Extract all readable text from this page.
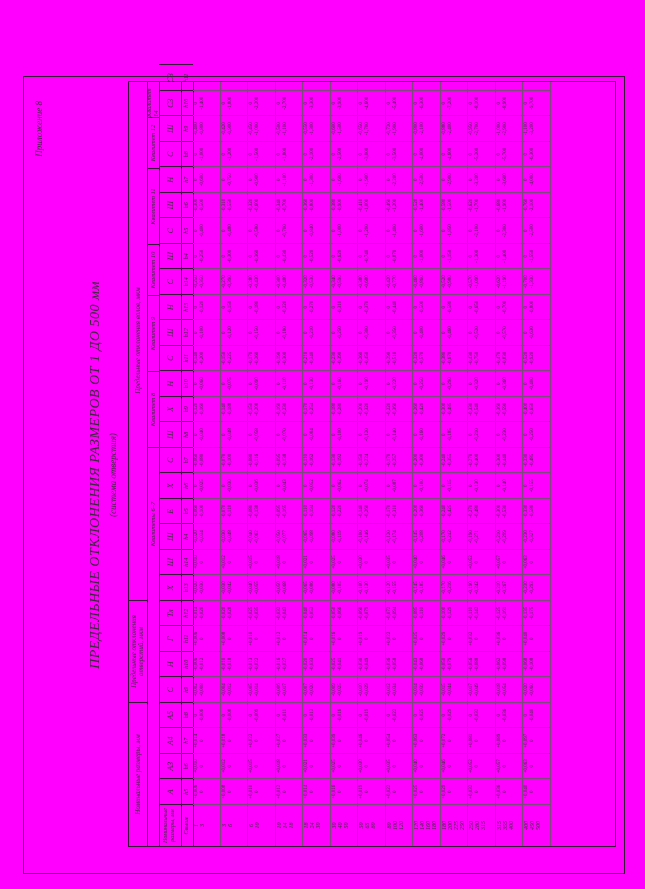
Приложение 8
ПРЕДЕЛЬНЫЕ ОТКЛОНЕНИЯ РАЗМЕРОВ ОТ 1 ДО 500 мм (система отверстия)
Номинальные размеры, мм
Предельные отклонения отверстий, мкм
Предельные отклонения валов, мкм
Квалитеты 6–7
Квалитет 8
Квалитет 9
Квалитет 10
Квалитет 11
Квалитет 12
Квалитет 14
Номинальные размеры, мм
A
A3
A4
A5
С
Н
Г
Тл
Х
Ш
Ш
Е
Х
С
Ш
Х
Н
С
Ш
Н
С
Ш
С
Ш
Н
С
Ш
СЗ
СЗ
Свыше
h5
h6
h7
h8
h9
h10
h11
h12
h13
h14
h4
h5
h6
h7
h8
h9
h10
h11
h12
h13
h14
h4
h5
h6
h7
h8
h9
h10
h11
1
3
+0,006
0
+0,010
0
+0,014
0
0
-0,006
-0,002
-0,008
-0,006
-0,012
+0,006
0
-0,014
-0,020
-0,020
-0,030
+0,010
0
-0,020
-0,034
-0,060
-0,100
0
-0,025
-0,060
-0,080
0
-0,040
-0,120
-0,160
0
-0,060
-0,140
-0,200
0
-0,100
0
-0,120
-0,250
-0,350
0
-0,250
0
-0,400
-0,300
-0,500
0
-0,600
0
-1,000
-0,400
-0,800
0
-1,400
3
6
+0,008
0
+0,012
0
+0,018
0
0
-0,008
-0,004
-0,012
-0,010
-0,018
+0,008
0
-0,020
-0,028
-0,030
-0,042
+0,012
0
-0,030
-0,048
-0,070
-0,118
0
-0,030
-0,070
-0,100
0
-0,048
-0,140
-0,188
0
-0,075
-0,150
-0,225
0
-0,120
0
-0,150
-0,270
-0,390
0
-0,300
0
-0,480
-0,310
-0,550
0
-0,750
0
-1,200
-0,420
-0,900
0
-1,800
6
10
+0,010
0
+0,015
0
+0,022
0
0
-0,009
-0,005
-0,014
-0,013
-0,022
+0,010
0
-0,025
-0,035
-0,040
-0,055
+0,015
0
-0,040
-0,062
-0,080
-0,138
0
-0,036
-0,080
-0,116
0
-0,058
-0,150
-0,208
0
-0,090
-0,170
-0,260
0
-0,150
0
-0,180
-0,280
-0,430
0
-0,360
0
-0,580
-0,320
-0,600
0
-0,900
0
-1,500
-0,450
-1,000
0
-2,200
10
14
18
+0,012
0
+0,018
0
+0,027
0
0
-0,011
-0,006
-0,017
-0,016
-0,027
+0,012
0
-0,032
-0,043
-0,050
-0,068
+0,018
0
-0,050
-0,077
-0,095
-0,165
0
-0,043
-0,095
-0,138
0
-0,070
-0,160
-0,230
0
-0,110
-0,190
-0,300
0
-0,180
0
-0,220
-0,300
-0,480
0
-0,430
0
-0,700
-0,340
-0,700
0
-1,100
0
-1,800
-0,500
-1,100
0
-2,700
18
24
30
+0,014
0
+0,021
0
+0,033
0
0
-0,013
-0,007
-0,020
-0,020
-0,033
+0,014
0
-0,040
-0,053
-0,065
-0,086
+0,021
0
-0,065
-0,098
-0,110
-0,194
0
-0,052
-0,110
-0,162
0
-0,084
-0,170
-0,254
0
-0,130
-0,210
-0,340
0
-0,210
0
-0,270
-0,320
-0,530
0
-0,520
0
-0,840
-0,360
-0,800
0
-1,300
0
-2,100
-0,550
-1,300
0
-3,300
30
40
50
+0,016
0
+0,025
0
+0,039
0
0
-0,016
-0,009
-0,025
-0,025
-0,041
+0,016
0
-0,050
-0,066
-0,080
-0,105
+0,025
0
-0,080
-0,119
-0,120
-0,220
0
-0,062
-0,130
-0,192
0
-0,100
-0,180
-0,280
0
-0,160
-0,230
-0,390
0
-0,250
0
-0,310
-0,340
-0,590
0
-0,620
0
-1,000
-0,380
-0,900
0
-1,600
0
-2,500
-0,600
-1,500
0
-3,900
50
65
80
+0,019
0
+0,030
0
+0,046
0
0
-0,019
-0,010
-0,029
-0,030
-0,049
+0,019
0
-0,060
-0,079
-0,100
-0,130
+0,030
0
-0,100
-0,146
-0,140
-0,260
0
-0,074
-0,150
-0,224
0
-0,120
-0,200
-0,320
0
-0,190
-0,260
-0,450
0
-0,300
0
-0,370
-0,380
-0,680
0
-0,740
0
-1,200
-0,410
-1,000
0
-1,900
0
-3,000
-0,650
-1,700
0
-4,600
80
100
120
+0,022
0
+0,035
0
+0,054
0
0
-0,022
-0,012
-0,034
-0,036
-0,058
+0,022
0
-0,072
-0,094
-0,120
-0,155
+0,035
0
-0,120
-0,174
-0,170
-0,310
0
-0,087
-0,170
-0,257
0
-0,140
-0,220
-0,360
0
-0,220
-0,290
-0,510
0
-0,350
0
-0,440
-0,420
-0,770
0
-0,870
0
-1,400
-0,460
-1,200
0
-2,200
0
-3,500
-0,720
-1,900
0
-5,400
120
140
160
180
+0,025
0
+0,040
0
+0,063
0
0
-0,025
-0,014
-0,039
-0,043
-0,068
+0,025
0
-0,085
-0,110
-0,145
-0,185
+0,040
0
-0,145
-0,208
-0,200
-0,360
0
-0,100
-0,200
-0,300
0
-0,160
-0,260
-0,420
0
-0,250
-0,320
-0,570
0
-0,400
0
-0,500
-0,460
-0,860
0
-1,000
0
-1,600
-0,520
-1,400
0
-2,500
0
-4,000
-0,800
-2,100
0
-6,300
180
200
225
250
+0,029
0
+0,046
0
+0,072
0
0
-0,029
-0,015
-0,044
-0,050
-0,079
+0,029
0
-0,100
-0,129
-0,170
-0,216
+0,046
0
-0,170
-0,242
-0,240
-0,425
0
-0,115
-0,240
-0,355
0
-0,185
-0,300
-0,485
0
-0,290
-0,380
-0,670
0
-0,460
0
-0,580
-0,520
-0,980
0
-1,150
0
-1,850
-0,580
-1,500
0
-2,900
0
-4,600
-0,880
-2,400
0
-7,200
250
280
315
+0,032
0
+0,052
0
+0,081
0
0
-0,032
-0,017
-0,049
-0,056
-0,088
+0,032
0
-0,110
-0,142
-0,190
-0,242
+0,052
0
-0,190
-0,271
-0,270
-0,480
0
-0,130
-0,270
-0,400
0
-0,210
-0,330
-0,540
0
-0,320
-0,430
-0,750
0
-0,520
0
-0,650
-0,570
-1,090
0
-1,300
0
-2,100
-0,620
-1,700
0
-3,200
0
-5,200
-0,950
-2,700
0
-8,100
315
355
400
+0,036
0
+0,057
0
+0,089
0
0
-0,036
-0,018
-0,054
-0,062
-0,098
+0,036
0
-0,125
-0,161
-0,210
-0,267
+0,057
0
-0,210
-0,299
-0,300
-0,530
0
-0,140
-0,300
-0,440
0
-0,230
-0,360
-0,590
0
-0,360
-0,470
-0,830
0
-0,570
0
-0,700
-0,620
-1,190
0
-1,400
0
-2,300
-0,680
-1,900
0
-3,600
0
-5,700
-1,000
-2,900
0
-8,900
400
450
500
+0,040
0
+0,063
0
+0,097
0
0
-0,040
-0,020
-0,060
-0,068
-0,108
+0,040
0
-0,135
-0,175
-0,230
-0,293
+0,063
0
-0,230
-0,327
-0,330
-0,580
0
-0,155
-0,330
-0,485
0
-0,250
-0,400
-0,650
0
-0,400
-0,520
-0,920
0
-0,630
0
-0,800
-0,700
-1,330
0
-1,550
0
-2,500
-0,760
-2,100
0
-4,000
0
-6,300
-1,100
-3,200
0
-9,700
